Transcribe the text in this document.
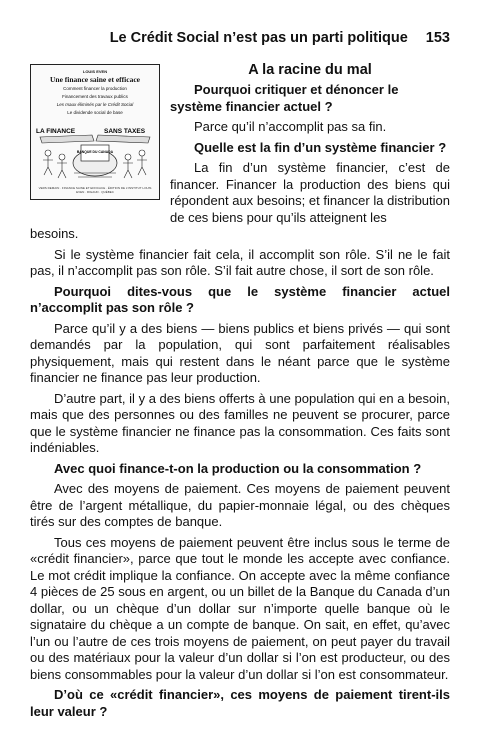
Le Crédit Social n’est pas un parti politique 153
LOUIS EVEN
Une finance saine et efficace
Comment financer la production
Financement des travaux publics
Les maux éliminés par le Crédit Social
Le dividende social de base
LA FINANCE	SANS TAXES
BANQUE DU CANADA
VERS DEMAIN · FINANCE SAINE ET EFFICACE · ÉDITION DE L'INSTITUT LOUIS EVEN · RIGAUD · QUÉBEC
A la racine du mal

Pourquoi critiquer et dénoncer le système financier actuel ?

Parce qu’il n’accomplit pas sa fin.

Quelle est la fin d’un système financier ?

La fin d’un système financier, c’est de financer. Financer la production des biens qui répondent aux besoins; et financer la distribution de ces biens pour qu’ils atteignent les

besoins.

Si le système financier fait cela, il accomplit son rôle. S’il ne le fait pas, il n’accomplit pas son rôle. S’il fait autre chose, il sort de son rôle.

Pourquoi dites-vous que le système financier actuel n’accomplit pas son rôle ?

Parce qu’il y a des biens — biens publics et biens privés — qui sont demandés par la population, qui sont parfaitement réalisables physiquement, mais qui restent dans le néant parce que le système financier ne finance pas leur production.

D’autre part, il y a des biens offerts à une population qui en a besoin, mais que des personnes ou des familles ne peuvent se procurer, parce que le système financier ne finance pas la consommation. Ces faits sont indéniables.

Avec quoi finance-t-on la production ou la consommation ?

Avec des moyens de paiement. Ces moyens de paiement peuvent être de l’argent métallique, du papier-monnaie légal, ou des chèques tirés sur des comptes de banque.

Tous ces moyens de paiement peuvent être inclus sous le terme de «crédit financier», parce que tout le monde les accepte avec confiance. Le mot crédit implique la confiance. On accepte avec la même confiance 4 pièces de 25 sous en argent, ou un billet de la Banque du Canada d’un dollar, ou un chèque d’un dollar sur n’importe quelle banque où le signataire du chèque a un compte de banque. On sait, en effet, qu’avec l’un ou l’autre de ces trois moyens de paiement, on peut payer du travail ou des matériaux pour la valeur d’un dollar si l’on est producteur, ou des biens consommables pour la valeur d’un dollar si l’on est consommateur.

D’où ce «crédit financier», ces moyens de paiement tirent-ils leur valeur ?
